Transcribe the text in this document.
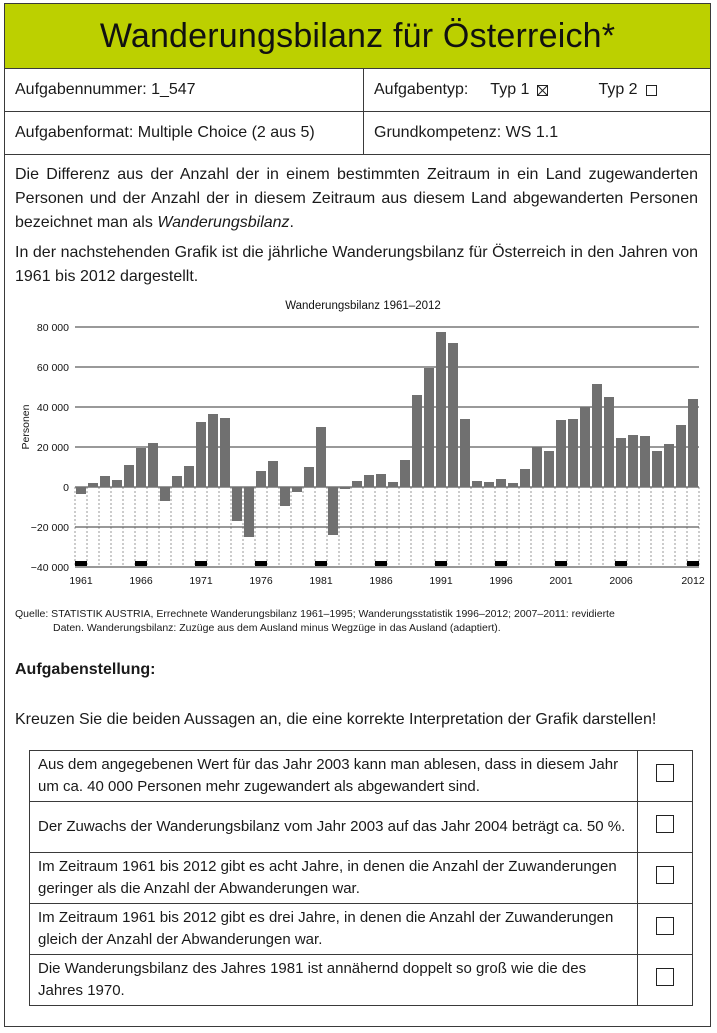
Wanderungsbilanz für Österreich*
Aufgabennummer: 1_547	Aufgabentyp: Typ 1	Typ 2
Aufgabenformat: Multiple Choice (2 aus 5)	Grundkompetenz: WS 1.1

Die Differenz aus der Anzahl der in einem bestimmten Zeitraum in ein Land zugewanderten Personen und der Anzahl der in diesem Zeitraum aus diesem Land abgewanderten Personen bezeichnet man als Wanderungsbilanz.

In der nachstehenden Grafik ist die jährliche Wanderungsbilanz für Österreich in den Jahren von 1961 bis 2012 dargestellt.

Wanderungsbilanz 1961–2012
80 000
60 000
40 000
20 000
0
−20 000
−40 000
1961	1966	1971	1976	1981	1986	1991	1996	2001	2006	2012
Personen

Quelle: STATISTIK AUSTRIA, Errechnete Wanderungsbilanz 1961–1995; Wanderungsstatistik 1996–2012; 2007–2011: revidierte
Daten. Wanderungsbilanz: Zuzüge aus dem Ausland minus Wegzüge in das Ausland (adaptiert).

Aufgabenstellung:

Kreuzen Sie die beiden Aussagen an, die eine korrekte Interpretation der Grafik darstellen!

Aus dem angegebenen Wert für das Jahr 2003 kann man ablesen, dass in diesem Jahr um ca. 40 000 Personen mehr zugewandert als abgewandert sind.	
Der Zuwachs der Wanderungsbilanz vom Jahr 2003 auf das Jahr 2004 beträgt ca. 50 %.	
Im Zeitraum 1961 bis 2012 gibt es acht Jahre, in denen die Anzahl der Zuwanderungen geringer als die Anzahl der Abwanderungen war.	
Im Zeitraum 1961 bis 2012 gibt es drei Jahre, in denen die Anzahl der Zuwanderungen gleich der Anzahl der Abwanderungen war.	
Die Wanderungsbilanz des Jahres 1981 ist annähernd doppelt so groß wie die des Jahres 1970.	
